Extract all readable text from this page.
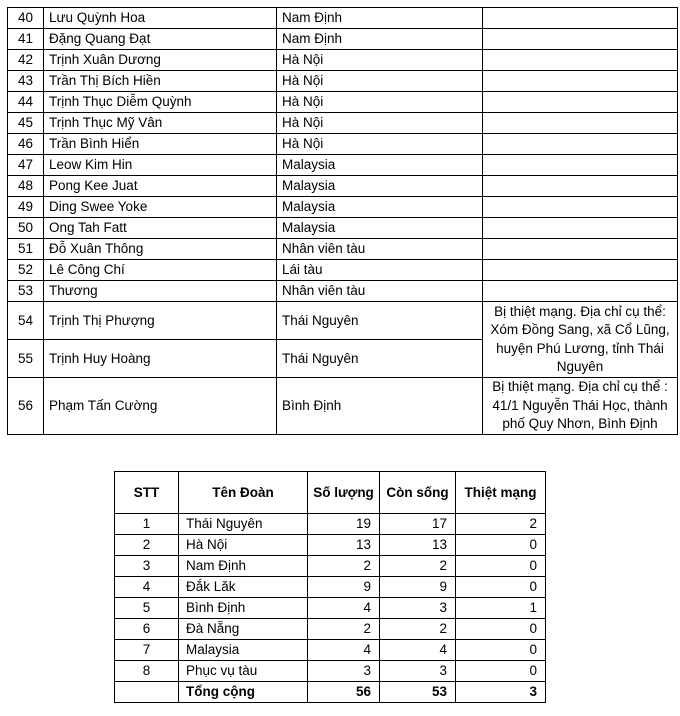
40	Lưu Quỳnh Hoa	Nam Định	
41	Đặng Quang Đạt	Nam Định	
42	Trịnh Xuân Dương	Hà Nội	
43	Trần Thị Bích Hiền	Hà Nội	
44	Trịnh Thục Diễm Quỳnh	Hà Nội	
45	Trịnh Thục Mỹ Vân	Hà Nội	
46	Trần Bình Hiển	Hà Nội	
47	Leow Kim Hin	Malaysia	
48	Pong Kee Juat	Malaysia	
49	Ding Swee Yoke	Malaysia	
50	Ong Tah Fatt	Malaysia	
51	Đỗ Xuân Thông	Nhân viên tàu	
52	Lê Công Chí	Lái tàu	
53	Thương	Nhân viên tàu	
54	Trịnh Thị Phượng	Thái Nguyên	Bị thiệt mạng. Địa chỉ cụ thể: Xóm Đồng Sang, xã Cổ Lũng, huyện Phú Lương, tỉnh Thái Nguyên
55	Trịnh Huy Hoàng	Thái Nguyên	
56	Phạm Tấn Cường	Bình Định	Bị thiệt mạng. Địa chỉ cụ thể : 41/1 Nguyễn Thái Học, thành phố Quy Nhơn, Bình Định
STT	Tên Đoàn	Số lượng	Còn sống	Thiệt mạng
1	Thái Nguyên	19	17	2
2	Hà Nội	13	13	0
3	Nam Định	2	2	0
4	Đắk Lăk	9	9	0
5	Bình Định	4	3	1
6	Đà Nẵng	2	2	0
7	Malaysia	4	4	0
8	Phục vụ tàu	3	3	0
	Tổng cộng	56	53	3
